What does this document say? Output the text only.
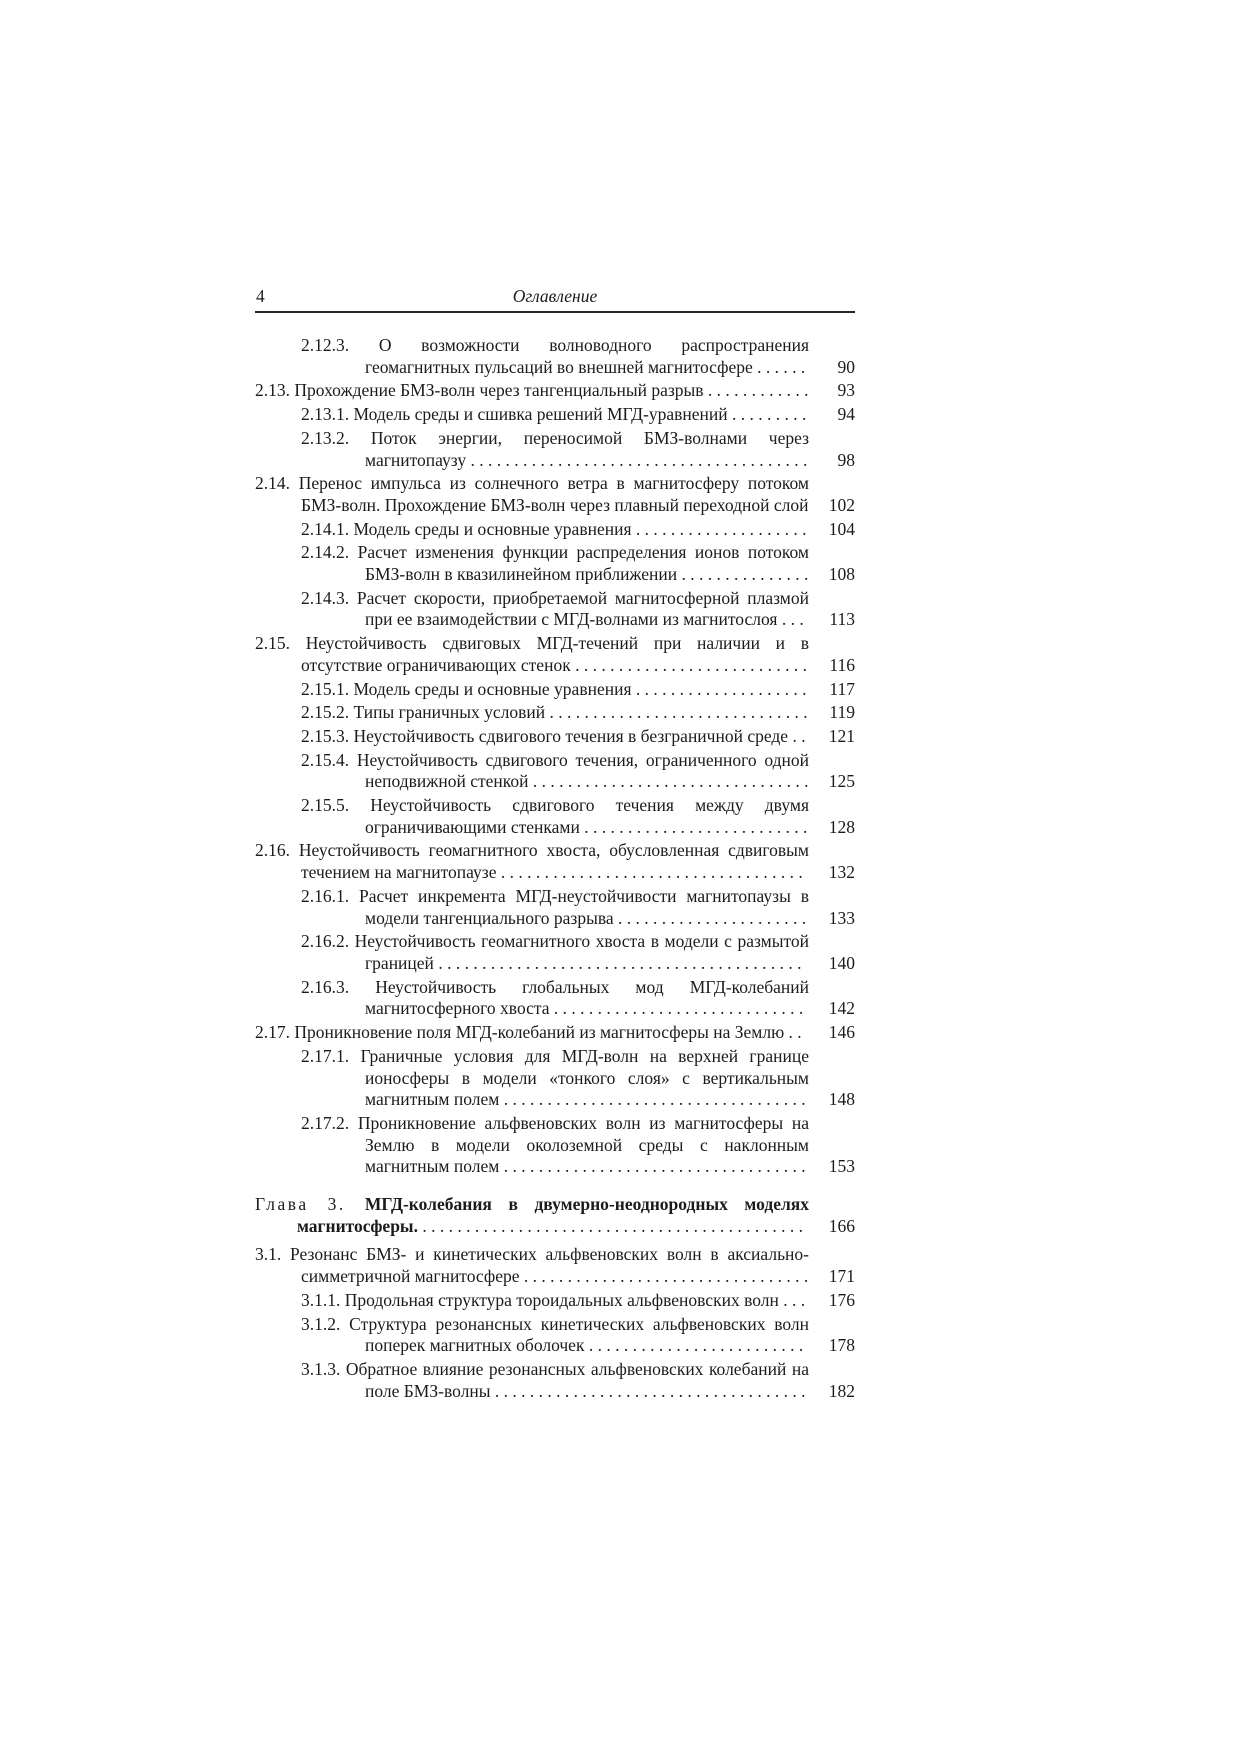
4	Оглавление
2.12.3. О возможности волноводного распространения геомагнитных пульсаций во внешней магнитосфере . . . . . .	90
2.13. Прохождение БМЗ-волн через тангенциальный разрыв . . . . . . . . . . . .	93
2.13.1. Модель среды и сшивка решений МГД-уравнений . . . . . . . . .	94
2.13.2. Поток энергии, переносимой БМЗ-волнами через магнитопаузу . . . . . . . . . . . . . . . . . . . . . . . . . . . . . . . . . . . . . . .	98
2.14. Перенос импульса из солнечного ветра в магнитосферу потоком БМЗ-волн. Прохождение БМЗ-волн через плавный переходной слой	102
2.14.1. Модель среды и основные уравнения . . . . . . . . . . . . . . . . . . . .	104
2.14.2. Расчет изменения функции распределения ионов потоком БМЗ-волн в квазилинейном приближении . . . . . . . . . . . . . . .	108
2.14.3. Расчет скорости, приобретаемой магнитосферной плазмой при ее взаимодействии с МГД-волнами из магнитослоя . . .	113
2.15. Неустойчивость сдвиговых МГД-течений при наличии и в отсутствие ограничивающих стенок . . . . . . . . . . . . . . . . . . . . . . . . . . .	116
2.15.1. Модель среды и основные уравнения . . . . . . . . . . . . . . . . . . . .	117
2.15.2. Типы граничных условий . . . . . . . . . . . . . . . . . . . . . . . . . . . . . .	119
2.15.3. Неустойчивость сдвигового течения в безграничной среде . .	121
2.15.4. Неустойчивость сдвигового течения, ограниченного одной неподвижной стенкой . . . . . . . . . . . . . . . . . . . . . . . . . . . . . . . .	125
2.15.5. Неустойчивость сдвигового течения между двумя ограничивающими стенками . . . . . . . . . . . . . . . . . . . . . . . . . .	128
2.16. Неустойчивость геомагнитного хвоста, обусловленная сдвиговым течением на магнитопаузе . . . . . . . . . . . . . . . . . . . . . . . . . . . . . . . . . . .	132
2.16.1. Расчет инкремента МГД-неустойчивости магнитопаузы в модели тангенциального разрыва . . . . . . . . . . . . . . . . . . . . . .	133
2.16.2. Неустойчивость геомагнитного хвоста в модели с размытой границей . . . . . . . . . . . . . . . . . . . . . . . . . . . . . . . . . . . . . . . . . .	140
2.16.3. Неустойчивость глобальных мод МГД-колебаний магнитосферного хвоста . . . . . . . . . . . . . . . . . . . . . . . . . . . . .	142
2.17. Проникновение поля МГД-колебаний из магнитосферы на Землю . .	146
2.17.1. Граничные условия для МГД-волн на верхней границе ионосферы в модели «тонкого слоя» с вертикальным магнитным полем . . . . . . . . . . . . . . . . . . . . . . . . . . . . . . . . . . .	148
2.17.2. Проникновение альфвеновских волн из магнитосферы на Землю в модели околоземной среды с наклонным магнитным полем . . . . . . . . . . . . . . . . . . . . . . . . . . . . . . . . . . .	153
Глава 3. МГД-колебания в двумерно-неоднородных моделях магнитосферы. . . . . . . . . . . . . . . . . . . . . . . . . . . . . . . . . . . . . . . . . . . . .	166
3.1. Резонанс БМЗ- и кинетических альфвеновских волн в аксиально-симметричной магнитосфере . . . . . . . . . . . . . . . . . . . . . . . . . . . . . . . . .	171
3.1.1. Продольная структура тороидальных альфвеновских волн . . .	176
3.1.2. Структура резонансных кинетических альфвеновских волн поперек магнитных оболочек . . . . . . . . . . . . . . . . . . . . . . . . .	178
3.1.3. Обратное влияние резонансных альфвеновских колебаний на поле БМЗ-волны . . . . . . . . . . . . . . . . . . . . . . . . . . . . . . . . . . . .	182
